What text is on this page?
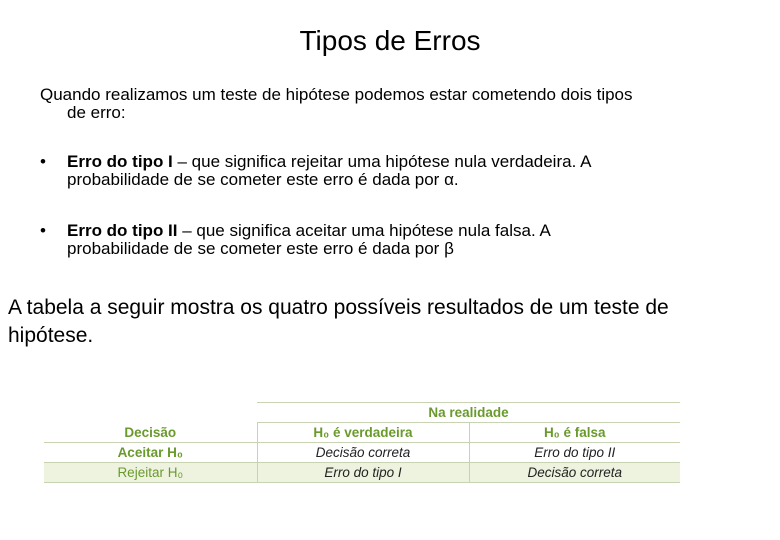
Tipos de Erros
Quando realizamos um teste de hipótese podemos estar cometendo dois tipos
de erro:
• Erro do tipo I – que significa rejeitar uma hipótese nula verdadeira. A
probabilidade de se cometer este erro é dada por α.
• Erro do tipo II – que significa aceitar uma hipótese nula falsa. A
probabilidade de se cometer este erro é dada por β
A tabela a seguir mostra os quatro possíveis resultados de um teste de
hipótese.
	Na realidade	
Decisão	H₀ é verdadeira	H₀ é falsa
Aceitar H₀	Decisão correta	Erro do tipo II
Rejeitar H₀	Erro do tipo I	Decisão correta
